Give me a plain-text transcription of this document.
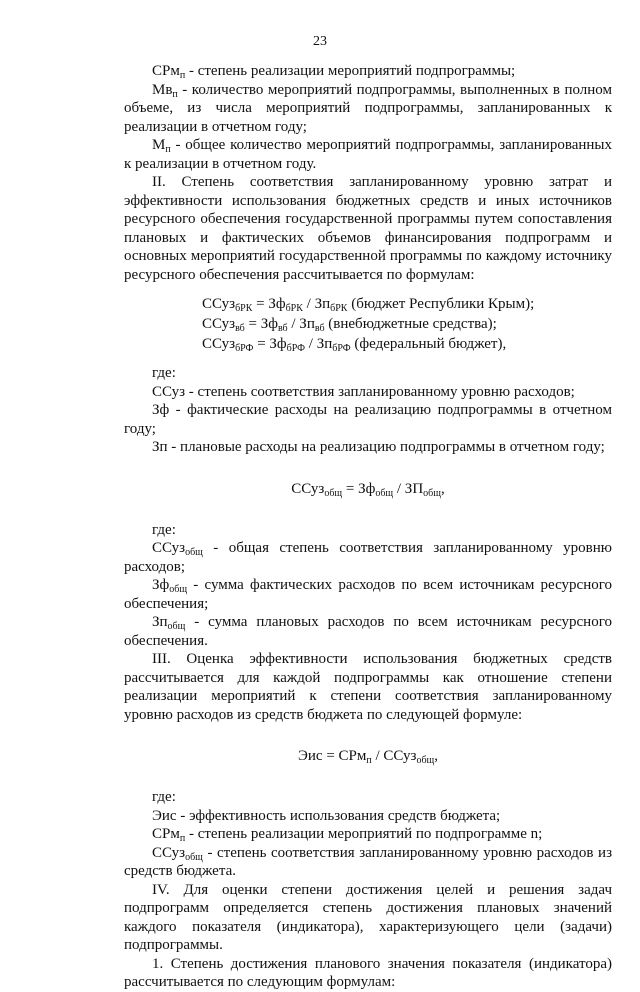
23

СРм$_п$ - степень реализации мероприятий подпрограммы;

$Мв_п$ - количество мероприятий подпрограммы, выполненных в полном объеме, из числа мероприятий подпрограммы, запланированных к реализации в отчетном году;

$М_п$ - общее количество мероприятий подпрограммы, запланированных к реализации в отчетном году.

II. Степень соответствия запланированному уровню затрат и эффективности использования бюджетных средств и иных источников ресурсного обеспечения государственной программы путем сопоставления плановых и фактических объемов финансирования подпрограмм и основных мероприятий государственной программы по каждому источнику ресурсного обеспечения рассчитывается по формулам:

ССуз$_{бРК}$ = $Зф_{бРК} / Зп_{бРК}$ (бюджет Республики Крым);
ССуз$_{вб}$ = $Зф_{вб} / Зп_{вб}$ (внебюджетные средства);
ССуз$_{бРФ}$ = $Зф_{бРФ} / Зп_{бРФ}$ (федеральный бюджет),

где:

ССуз - степень соответствия запланированному уровню расходов;

Зф - фактические расходы на реализацию подпрограммы в отчетном году;

Зп - плановые расходы на реализацию подпрограммы в отчетном году;

ССуз$_{общ}$ = $Зф_{общ} / ЗП_{общ}$,

где:

ССуз$_{общ}$ - общая степень соответствия запланированному уровню расходов;

$Зф_{общ}$ - сумма фактических расходов по всем источникам ресурсного обеспечения;

$Зп_{общ}$ - сумма плановых расходов по всем источникам ресурсного обеспечения.

III. Оценка эффективности использования бюджетных средств рассчитывается для каждой подпрограммы как отношение степени реализации мероприятий к степени соответствия запланированному уровню расходов из средств бюджета по следующей формуле:

Эис = СРм$_п$ / ССуз$_{общ}$,

где:

Эис - эффективность использования средств бюджета;

СРм$_п$ - степень реализации мероприятий по подпрограмме n;

ССуз$_{общ}$ - степень соответствия запланированному уровню расходов из средств бюджета.

IV. Для оценки степени достижения целей и решения задач подпрограмм определяется степень достижения плановых значений каждого показателя (индикатора), характеризующего цели (задачи) подпрограммы.

1. Степень достижения планового значения показателя (индикатора) рассчитывается по следующим формулам:
